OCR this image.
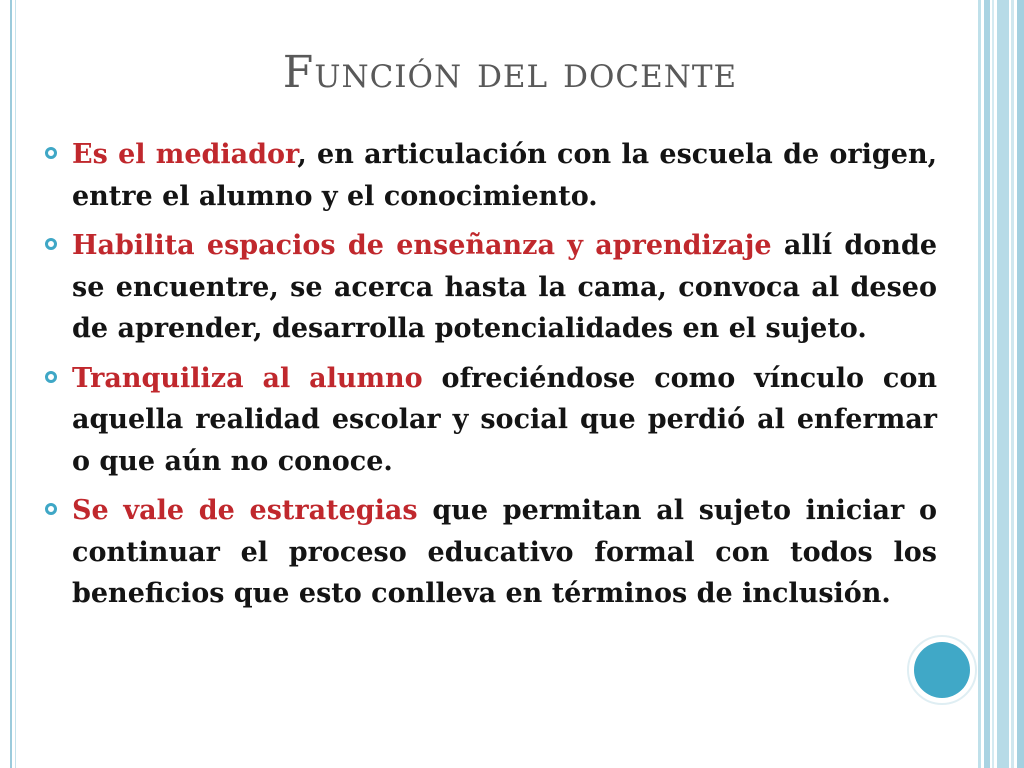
Función del docente
Es el mediador, en articulación con la escuela de origen, entre el alumno y el conocimiento.
Habilita espacios de enseñanza y aprendizaje allí donde se encuentre, se acerca hasta la cama, convoca al deseo de aprender, desarrolla potencialidades en el sujeto.
Tranquiliza al alumno ofreciéndose como vínculo con aquella realidad escolar y social que perdió al enfermar o que aún no conoce.
Se vale de estrategias que permitan al sujeto iniciar o continuar el proceso educativo formal con todos los beneficios que esto conlleva en términos de inclusión.
